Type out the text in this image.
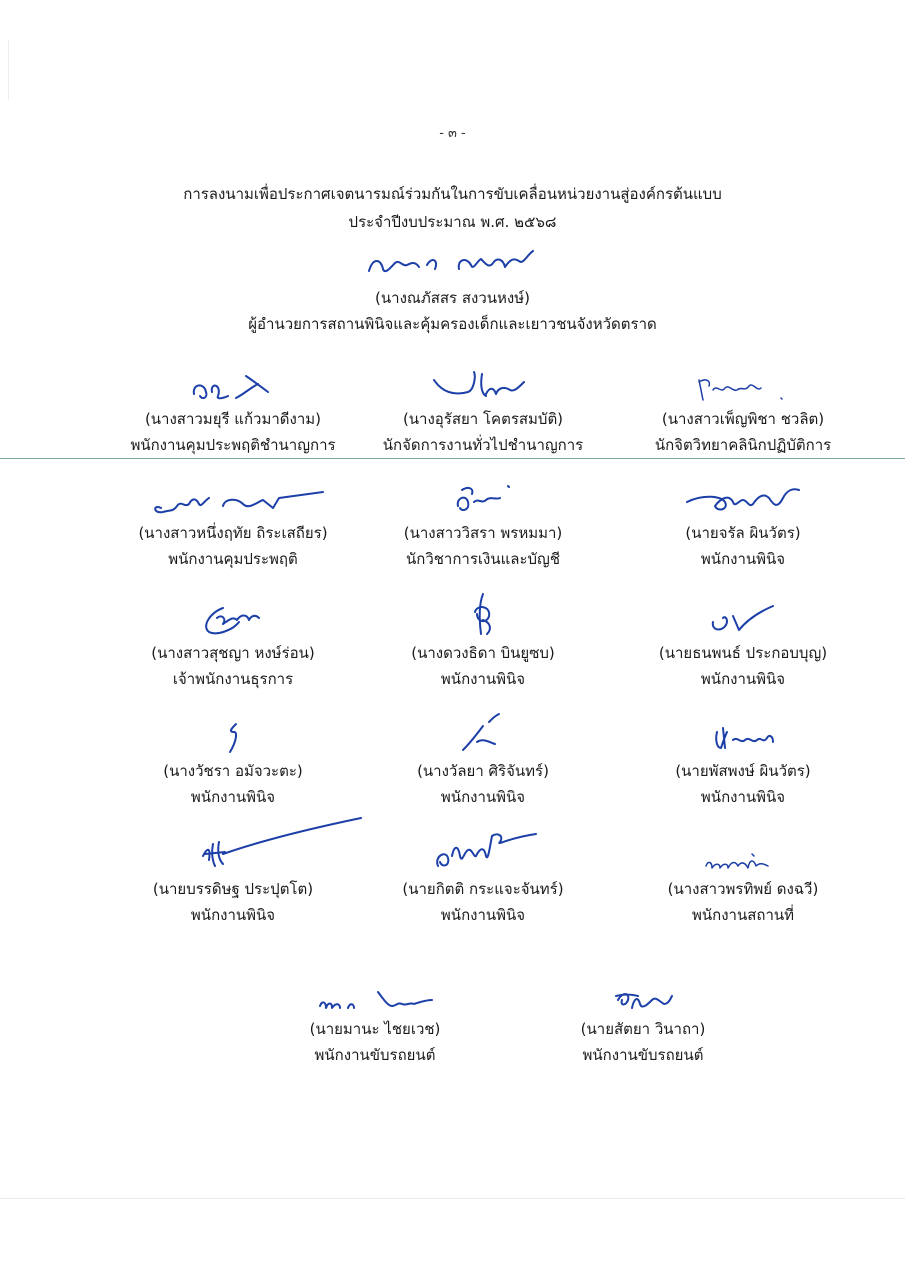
- ๓ -
การลงนามเพื่อประกาศเจตนารมณ์ร่วมกันในการขับเคลื่อนหน่วยงานสู่องค์กรต้นแบบ
ประจำปีงบประมาณ พ.ศ. ๒๕๖๘
(นางณภัสสร สงวนหงษ์)
ผู้อำนวยการสถานพินิจและคุ้มครองเด็กและเยาวชนจังหวัดตราด
(นางสาวมยุรี แก้วมาดีงาม)
พนักงานคุมประพฤติชำนาญการ
(นางอุรัสยา โคตรสมบัติ)
นักจัดการงานทั่วไปชำนาญการ
(นางสาวเพ็ญพิชา ชวลิต)
นักจิตวิทยาคลินิกปฏิบัติการ
(นางสาวหนึ่งฤทัย ถิระเสถียร)
พนักงานคุมประพฤติ
(นางสาววิสรา พรหมมา)
นักวิชาการเงินและบัญชี
(นายจรัล ผินวัตร)
พนักงานพินิจ
(นางสาวสุชญา หงษ์ร่อน)
เจ้าพนักงานธุรการ
(นางดวงธิดา บินยูซบ)
พนักงานพินิจ
(นายธนพนธ์ ประกอบบุญ)
พนักงานพินิจ
(นางวัชรา อมัจวะตะ)
พนักงานพินิจ
(นางวัลยา ศิริจันทร์)
พนักงานพินิจ
(นายพัสพงษ์ ผินวัตร)
พนักงานพินิจ
(นายบรรดิษฐ ประปุตโต)
พนักงานพินิจ
(นายกิตติ กระแจะจันทร์)
พนักงานพินิจ
(นางสาวพรทิพย์ ดงฉวี)
พนักงานสถานที่
(นายมานะ ไชยเวช)
พนักงานขับรถยนต์
(นายสัตยา วินาถา)
พนักงานขับรถยนต์
